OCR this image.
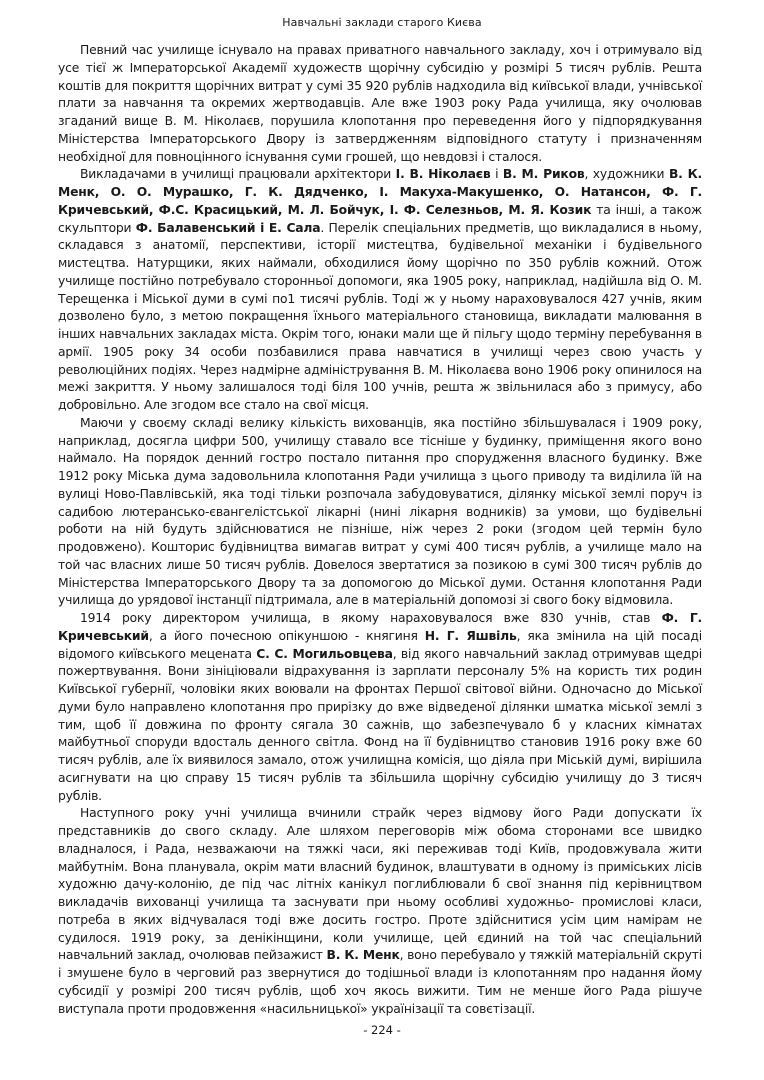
Навчальні заклади старого Києва

Певний час училище існувало на правах приватного навчального закладу, хоч і отримувало від усе тієї ж Імператорської Академії художеств щорічну субсидію у розмірі 5 тисяч рублів. Решта коштів для покриття щорічних витрат у сумі 35 920 рублів надходила від київської влади, учнівської плати за навчання та окремих жертводавців. Але вже 1903 року Рада училища, яку очолював згаданий вище В. М. Ніколаєв, порушила клопотання про переведення його у підпорядкування Міністерства Імператорського Двору із затвердженням відповідного статуту і призначенням необхідної для повноцінного існування суми грошей, що невдовзі і сталося.

Викладачами в училищі працювали архітектори І. В. Ніколаєв і В. М. Риков, художники В. К. Менк, О. О. Мурашко, Г. К. Дядченко, І. Макуха-Макушенко, О. Натансон, Ф. Г. Кричевський, Ф.С. Красицький, М. Л. Бойчук, І. Ф. Селезньов, М. Я. Козик та інші, а також скульптори Ф. Балавенський і Е. Сала. Перелік спеціальних предметів, що викладалися в ньому, складався з анатомії, перспективи, історії мистецтва, будівельної механіки і будівельного мистецтва. Натурщики, яких наймали, обходилися йому щорічно по 350 рублів кожний. Отож училище постійно потребувало сторонньої допомоги, яка 1905 року, наприклад, надійшла від О. М. Терещенка і Міської думи в сумі по1 тисячі рублів. Тоді ж у ньому нараховувалося 427 учнів, яким дозволено було, з метою покращення їхнього матеріального становища, викладати малювання в інших навчальних закладах міста. Окрім того, юнаки мали ще й пільгу щодо терміну перебування в армії. 1905 року 34 особи позбавилися права навчатися в училищі через свою участь у революційних подіях. Через надмірне адміністрування В. М. Ніколаєва воно 1906 року опинилося на межі закриття. У ньому залишалося тоді біля 100 учнів, решта ж звільнилася або з примусу, або добровільно. Але згодом все стало на свої місця.

Маючи у своєму складі велику кількість вихованців, яка постійно збільшувалася і 1909 року, наприклад, досягла цифри 500, училищу ставало все тісніше у будинку, приміщення якого воно наймало. На порядок денний гостро постало питання про спорудження власного будинку. Вже 1912 року Міська дума задовольнила клопотання Ради училища з цього приводу та виділила їй на вулиці Ново-Павлівській, яка тоді тільки розпочала забудовуватися, ділянку міської землі поруч із садибою лютерансько-євангелістської лікарні (нині лікарня водників) за умови, що будівельні роботи на ній будуть здійснюватися не пізніше, ніж через 2 роки (згодом цей термін було продовжено). Кошторис будівництва вимагав витрат у сумі 400 тисяч рублів, а училище мало на той час власних лише 50 тисяч рублів. Довелося звертатися за позикою в сумі 300 тисяч рублів до Міністерства Імператорського Двору та за допомогою до Міської думи. Остання клопотання Ради училища до урядової інстанції підтримала, але в матеріальній допомозі зі свого боку відмовила.

1914 року директором училища, в якому нараховувалося вже 830 учнів, став Ф. Г. Кричевський, а його почесною опікуншою - княгиня Н. Г. Яшвіль, яка змінила на цій посаді відомого київського мецената С. С. Могильовцева, від якого навчальний заклад отримував щедрі пожертвування. Вони зініціювали відрахування із зарплати персоналу 5% на користь тих родин Київської губернії, чоловіки яких воювали на фронтах Першої світової війни. Одночасно до Міської думи було направлено клопотання про прирізку до вже відведеної ділянки шматка міської землі з тим, щоб її довжина по фронту сягала 30 сажнів, що забезпечувало б у класних кімнатах майбутньої споруди вдосталь денного світла. Фонд на її будівництво становив 1916 року вже 60 тисяч рублів, але їх виявилося замало, отож училищна комісія, що діяла при Міській думі, вирішила асигнувати на цю справу 15 тисяч рублів та збільшила щорічну субсидію училищу до 3 тисяч рублів.

Наступного року учні училища вчинили страйк через відмову його Ради допускати їх представників до свого складу. Але шляхом переговорів між обома сторонами все швидко владналося, і Рада, незважаючи на тяжкі часи, які переживав тоді Київ, продовжувала жити майбутнім. Вона планувала, окрім мати власний будинок, влаштувати в одному із приміських лісів художню дачу-колонію, де під час літніх канікул поглиблювали б свої знання під керівництвом викладачів вихованці училища та заснувати при ньому особливі художньо- промислові класи, потреба в яких відчувалася тоді вже досить гостро. Проте здійснитися усім цим намірам не судилося. 1919 року, за денікінщини, коли училище, цей єдиний на той час спеціальний навчальний заклад, очолював пейзажист В. К. Менк, воно перебувало у тяжкій матеріальній скруті і змушене було в черговий раз звернутися до тодішньої влади із клопотанням про надання йому субсидії у розмірі 200 тисяч рублів, щоб хоч якось вижити. Тим не менше його Рада рішуче виступала проти продовження «насильницької» українізації та совєтізації.

- 224 -
